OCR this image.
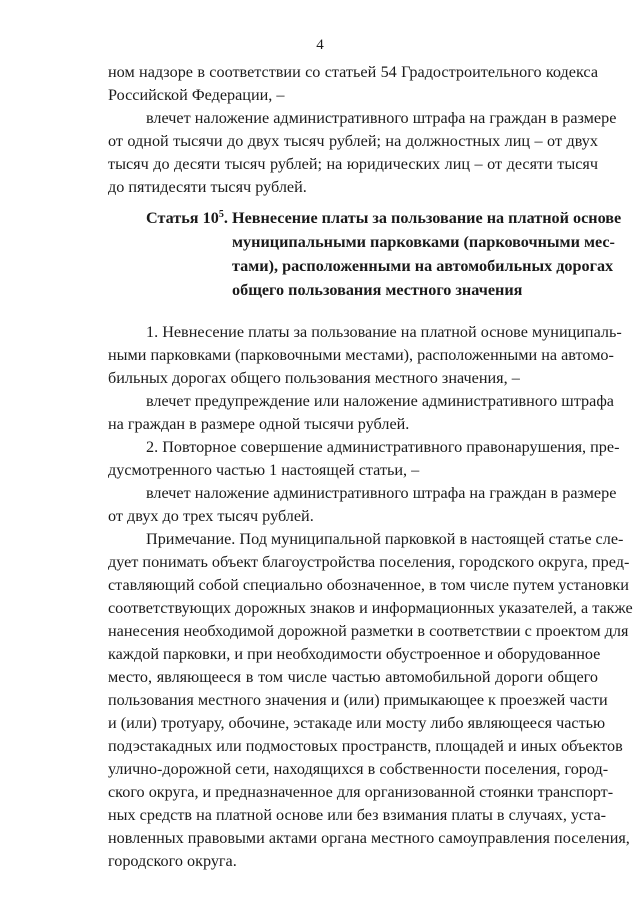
4
ном надзоре в соответствии со статьей 54 Градостроительного кодекса
Российской Федерации, –
влечет наложение административного штрафа на граждан в размере
от одной тысячи до двух тысяч рублей; на должностных лиц – от двух
тысяч до десяти тысяч рублей; на юридических лиц – от десяти тысяч
до пятидесяти тысяч рублей.
Статья $10^5$. Невнесение платы за пользование на платной основе
муниципальными парковками (парковочными мес-
тами), расположенными на автомобильных дорогах
общего пользования местного значения
1. Невнесение платы за пользование на платной основе муниципаль-
ными парковками (парковочными местами), расположенными на автомо-
бильных дорогах общего пользования местного значения, –
влечет предупреждение или наложение административного штрафа
на граждан в размере одной тысячи рублей.
2. Повторное совершение административного правонарушения, пре-
дусмотренного частью 1 настоящей статьи, –
влечет наложение административного штрафа на граждан в размере
от двух до трех тысяч рублей.
Примечание. Под муниципальной парковкой в настоящей статье сле-
дует понимать объект благоустройства поселения, городского округа, пред-
ставляющий собой специально обозначенное, в том числе путем установки
соответствующих дорожных знаков и информационных указателей, а также
нанесения необходимой дорожной разметки в соответствии с проектом для
каждой парковки, и при необходимости обустроенное и оборудованное
место, являющееся в том числе частью автомобильной дороги общего
пользования местного значения и (или) примыкающее к проезжей части
и (или) тротуару, обочине, эстакаде или мосту либо являющееся частью
подэстакадных или подмостовых пространств, площадей и иных объектов
улично-дорожной сети, находящихся в собственности поселения, город-
ского округа, и предназначенное для организованной стоянки транспорт-
ных средств на платной основе или без взимания платы в случаях, уста-
новленных правовыми актами органа местного самоуправления поселения,
городского округа.
